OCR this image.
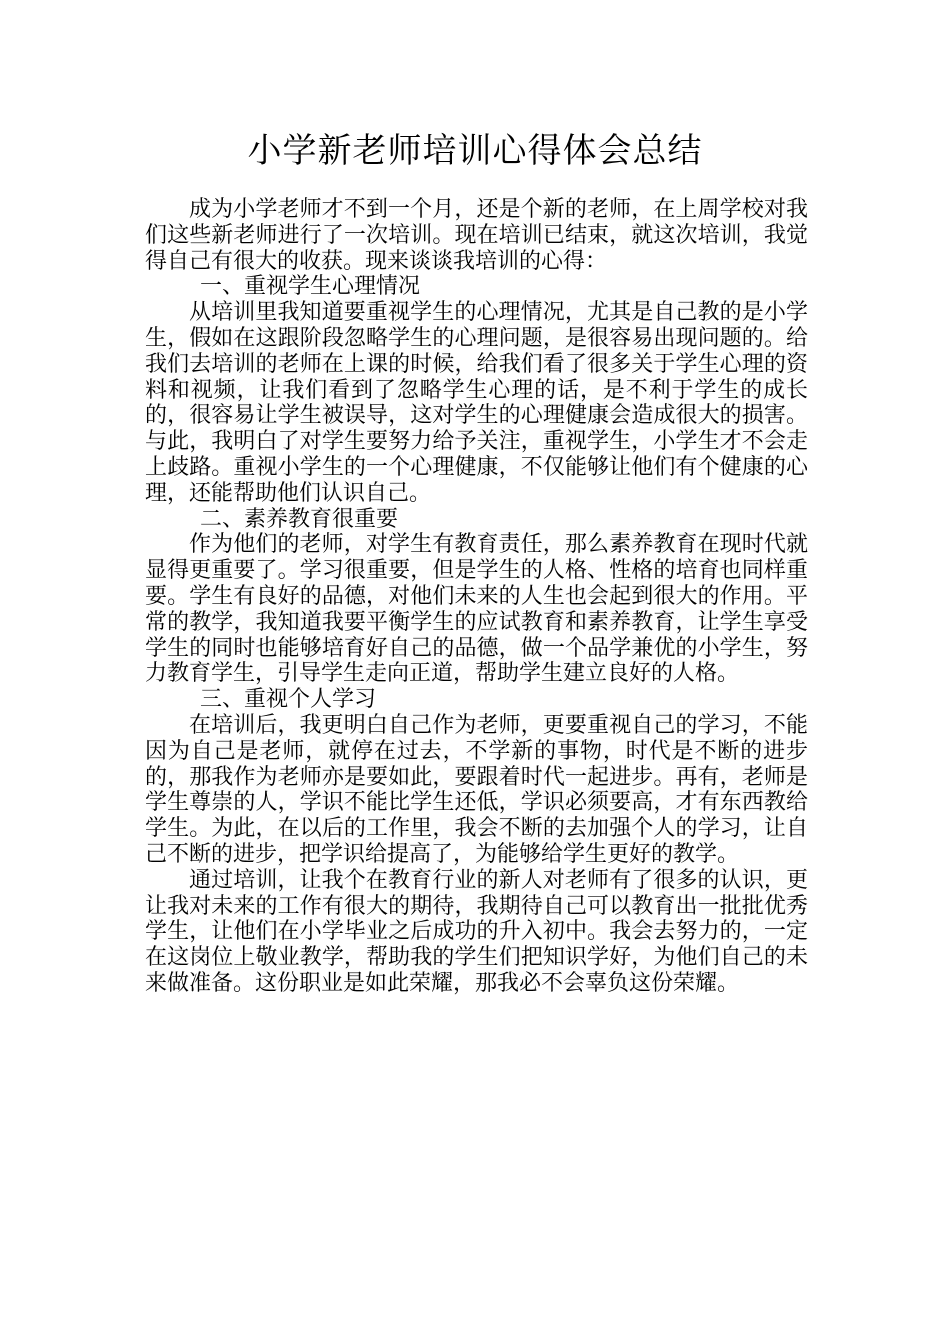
小学新老师培训心得体会总结

成为小学老师才不到一个月，还是个新的老师，在上周学校对我们这些新老师进行了一次培训。现在培训已结束，就这次培训，我觉得自己有很大的收获。现来谈谈我培训的心得：

一、重视学生心理情况

从培训里我知道要重视学生的心理情况，尤其是自己教的是小学生，假如在这跟阶段忽略学生的心理问题，是很容易出现问题的。给我们去培训的老师在上课的时候，给我们看了很多关于学生心理的资料和视频，让我们看到了忽略学生心理的话，是不利于学生的成长的，很容易让学生被误导，这对学生的心理健康会造成很大的损害。与此，我明白了对学生要努力给予关注，重视学生，小学生才不会走上歧路。重视小学生的一个心理健康，不仅能够让他们有个健康的心理，还能帮助他们认识自己。

二、素养教育很重要

作为他们的老师，对学生有教育责任，那么素养教育在现时代就显得更重要了。学习很重要，但是学生的人格、性格的培育也同样重要。学生有良好的品德，对他们未来的人生也会起到很大的作用。平常的教学，我知道我要平衡学生的应试教育和素养教育，让学生享受学生的同时也能够培育好自己的品德，做一个品学兼优的小学生，努力教育学生，引导学生走向正道，帮助学生建立良好的人格。

三、重视个人学习

在培训后，我更明白自己作为老师，更要重视自己的学习，不能因为自己是老师，就停在过去，不学新的事物，时代是不断的进步的，那我作为老师亦是要如此，要跟着时代一起进步。再有，老师是学生尊崇的人，学识不能比学生还低，学识必须要高，才有东西教给学生。为此，在以后的工作里，我会不断的去加强个人的学习，让自己不断的进步，把学识给提高了，为能够给学生更好的教学。

通过培训，让我个在教育行业的新人对老师有了很多的认识，更让我对未来的工作有很大的期待，我期待自己可以教育出一批批优秀学生，让他们在小学毕业之后成功的升入初中。我会去努力的，一定在这岗位上敬业教学，帮助我的学生们把知识学好，为他们自己的未来做准备。这份职业是如此荣耀，那我必不会辜负这份荣耀。
